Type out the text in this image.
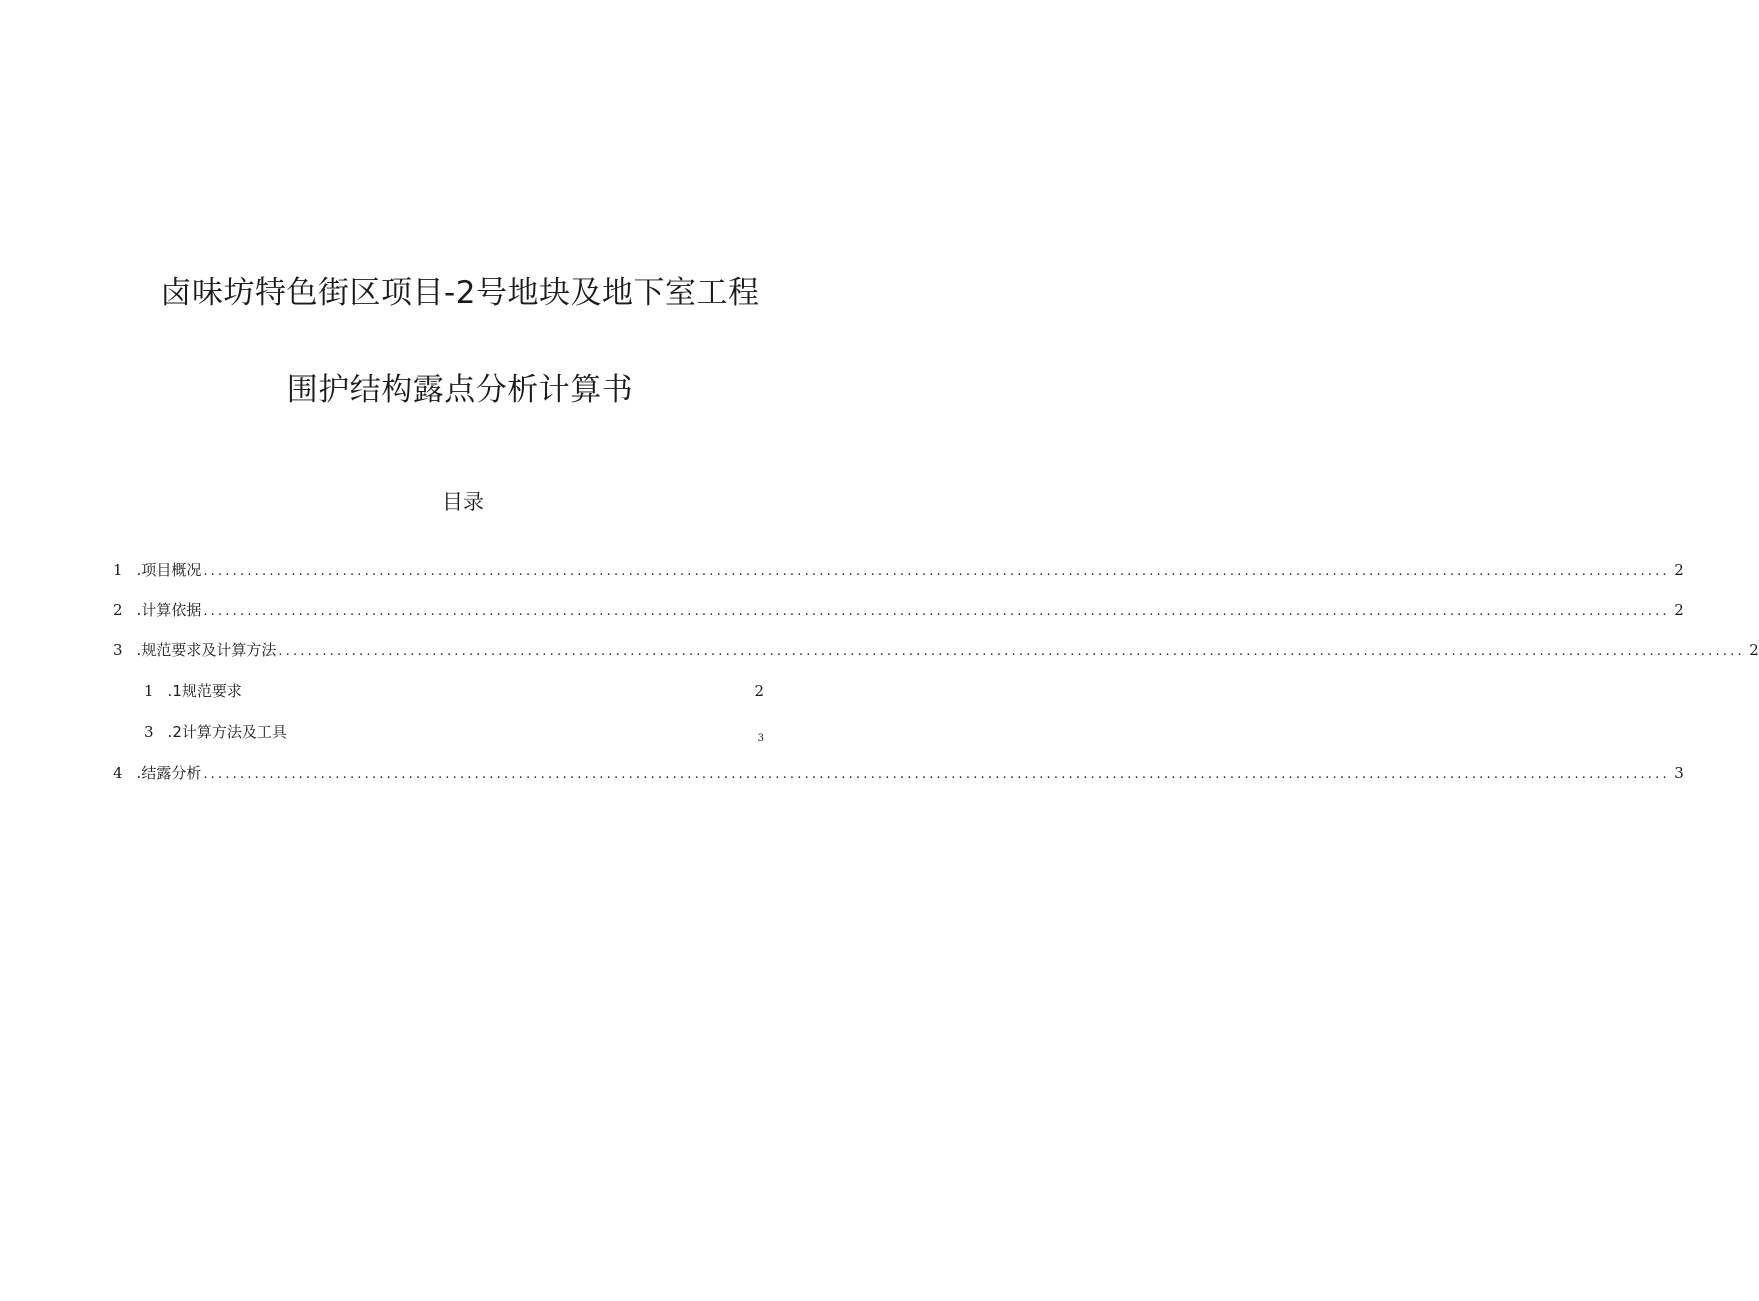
卤味坊特色街区项目-2号地块及地下室工程
围护结构露点分析计算书
目录
1 .项目概况 ........................................................................................................................................................................................................ 2
2 .计算依据 ........................................................................................................................................................................................................ 2
3 .规范要求及计算方法 ........................................................................................................................................................................................................ 2
1 .1规范要求	2
3 .2计算方法及工具	3
4 .结露分析 ........................................................................................................................................................................................................ 3
